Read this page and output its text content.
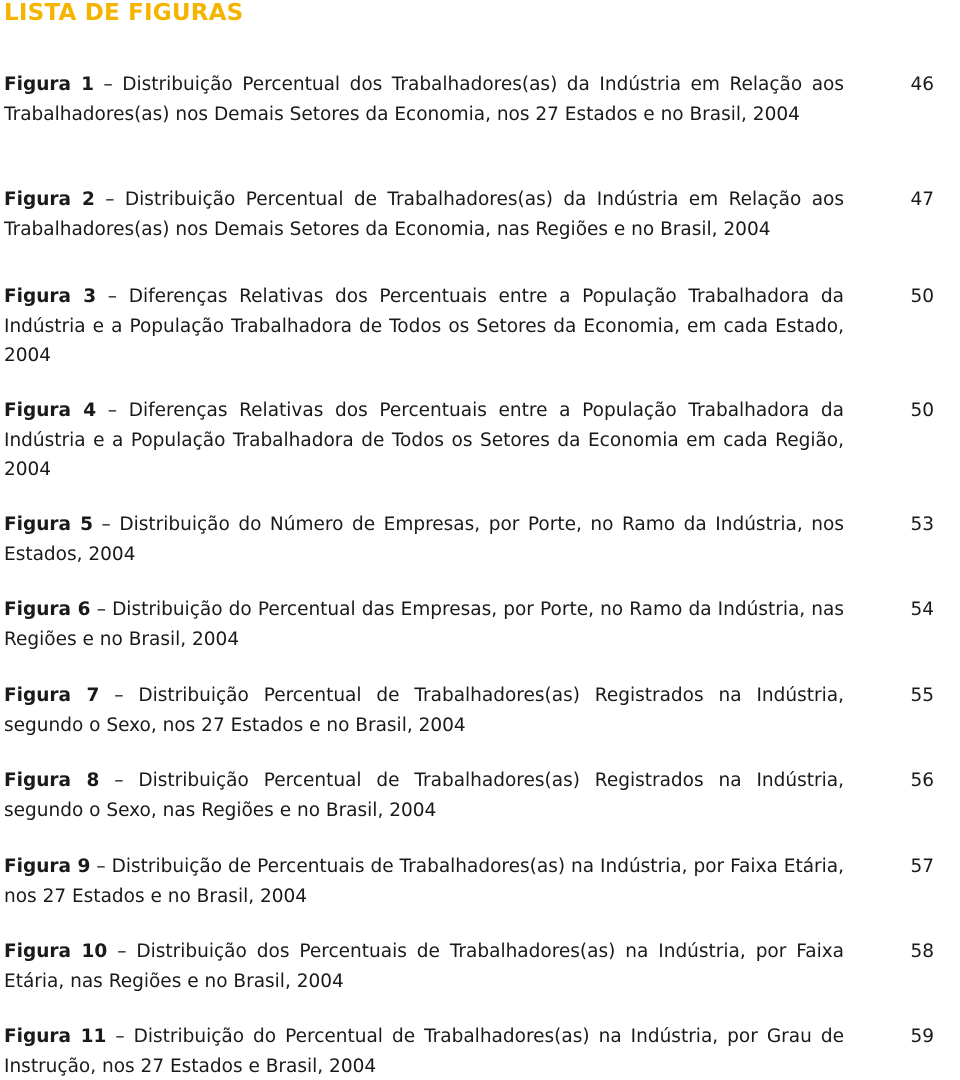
LISTA DE FIGURAS
Figura 1 – Distribuição Percentual dos Trabalhadores(as) da Indústria em Relação aos Trabalhadores(as) nos Demais Setores da Economia, nos 27 Estados e no Brasil, 2004
46
Figura 2 – Distribuição Percentual de Trabalhadores(as) da Indústria em Relação aos Trabalhadores(as) nos Demais Setores da Economia, nas Regiões e no Brasil, 2004
47
Figura 3 – Diferenças Relativas dos Percentuais entre a População Trabalhadora da Indústria e a População Trabalhadora de Todos os Setores da Economia, em cada Estado, 2004
50
Figura 4 – Diferenças Relativas dos Percentuais entre a População Trabalhadora da Indústria e a População Trabalhadora de Todos os Setores da Economia em cada Região, 2004
50
Figura 5 – Distribuição do Número de Empresas, por Porte, no Ramo da Indústria, nos Estados, 2004
53
Figura 6 – Distribuição do Percentual das Empresas, por Porte, no Ramo da Indústria, nas Regiões e no Brasil, 2004
54
Figura 7 – Distribuição Percentual de Trabalhadores(as) Registrados na Indústria, segundo o Sexo, nos 27 Estados e no Brasil, 2004
55
Figura 8 – Distribuição Percentual de Trabalhadores(as) Registrados na Indústria, segundo o Sexo, nas Regiões e no Brasil, 2004
56
Figura 9 – Distribuição de Percentuais de Trabalhadores(as) na Indústria, por Faixa Etária, nos 27 Estados e no Brasil, 2004
57
Figura 10 – Distribuição dos Percentuais de Trabalhadores(as) na Indústria, por Faixa Etária, nas Regiões e no Brasil, 2004
58
Figura 11 – Distribuição do Percentual de Trabalhadores(as) na Indústria, por Grau de Instrução, nos 27 Estados e Brasil, 2004
59
